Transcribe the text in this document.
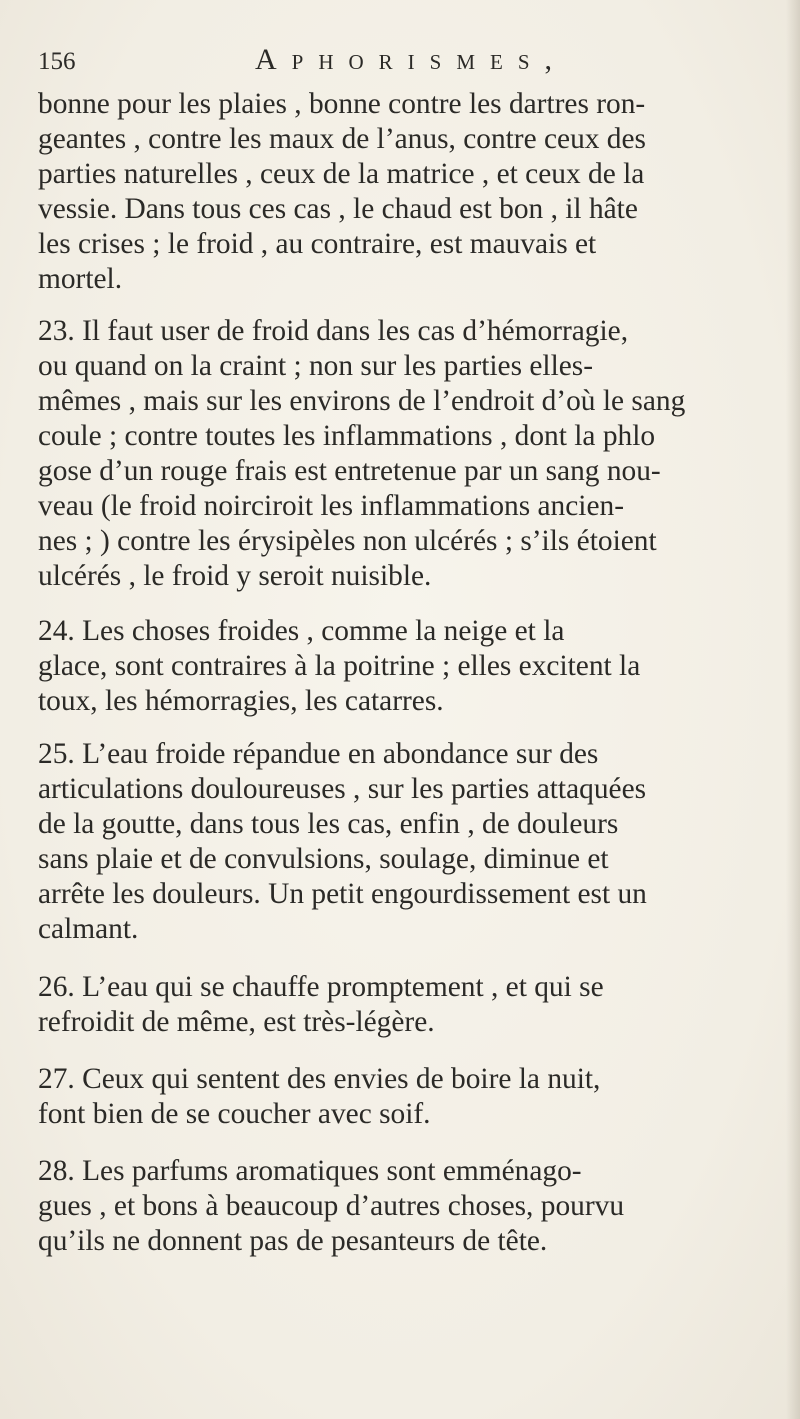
156	Aphorismes,
bonne pour les plaies , bonne contre les dartres ron-
geantes , contre les maux de l’anus, contre ceux des
parties naturelles , ceux de la matrice , et ceux de la
vessie. Dans tous ces cas , le chaud est bon , il hâte
les crises ; le froid , au contraire, est mauvais et
mortel.
23. Il faut user de froid dans les cas d’hémorragie,
ou quand on la craint ; non sur les parties elles-
mêmes , mais sur les environs de l’endroit d’où le sang
coule ; contre toutes les inflammations , dont la phlo
gose d’un rouge frais est entretenue par un sang nou-
veau (le froid noirciroit les inflammations ancien-
nes ; ) contre les érysipèles non ulcérés ; s’ils étoient
ulcérés , le froid y seroit nuisible.
24. Les choses froides , comme la neige et la
glace, sont contraires à la poitrine ; elles excitent la
toux, les hémorragies, les catarres.
25. L’eau froide répandue en abondance sur des
articulations douloureuses , sur les parties attaquées
de la goutte, dans tous les cas, enfin , de douleurs
sans plaie et de convulsions, soulage, diminue et
arrête les douleurs. Un petit engourdissement est un
calmant.
26. L’eau qui se chauffe promptement , et qui se
refroidit de même, est très-légère.
27. Ceux qui sentent des envies de boire la nuit,
font bien de se coucher avec soif.
28. Les parfums aromatiques sont emménago-
gues , et bons à beaucoup d’autres choses, pourvu
qu’ils ne donnent pas de pesanteurs de tête.
